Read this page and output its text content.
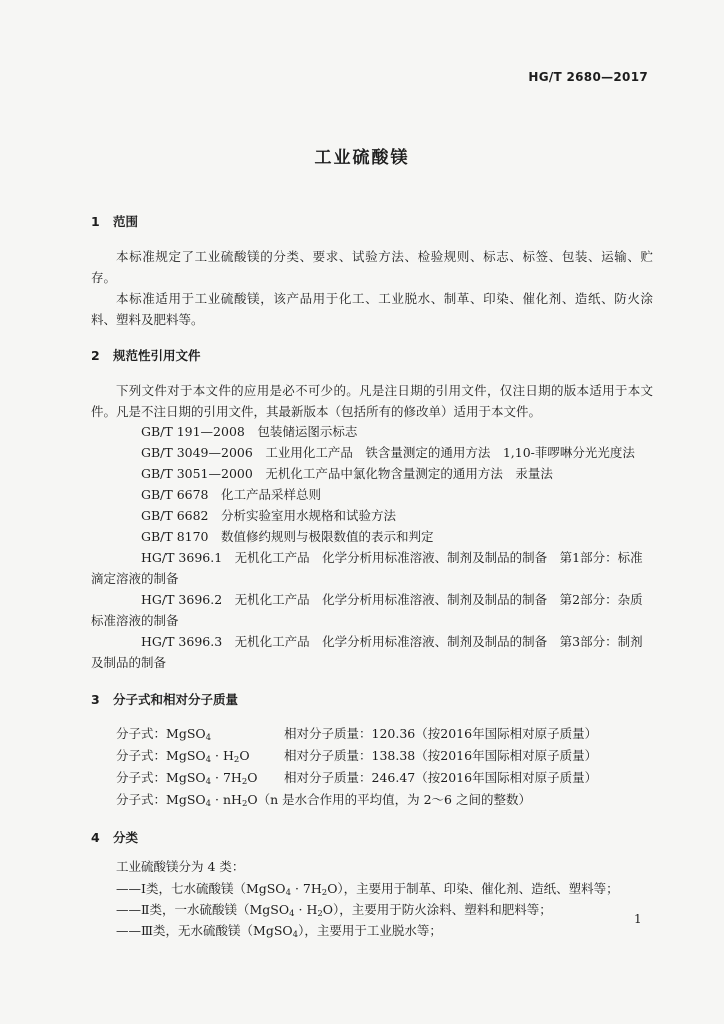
HG/T 2680—2017
工业硫酸镁
1 范围
本标准规定了工业硫酸镁的分类、要求、试验方法、检验规则、标志、标签、包装、运输、贮存。
本标准适用于工业硫酸镁，该产品用于化工、工业脱水、制革、印染、催化剂、造纸、防火涂料、塑料及肥料等。
2 规范性引用文件
下列文件对于本文件的应用是必不可少的。凡是注日期的引用文件，仅注日期的版本适用于本文件。凡是不注日期的引用文件，其最新版本（包括所有的修改单）适用于本文件。
GB/T 191—2008　 包装储运图示标志
GB/T 3049—2006　 工业用化工产品　铁含量测定的通用方法　1,10-菲啰啉分光光度法
GB/T 3051—2000　 无机化工产品中氯化物含量测定的通用方法　汞量法
GB/T 6678　 化工产品采样总则
GB/T 6682　 分析实验室用水规格和试验方法
GB/T 8170　 数值修约规则与极限数值的表示和判定
HG/T 3696.1　 无机化工产品　化学分析用标准溶液、制剂及制品的制备　第1部分：标准滴定溶液的制备
HG/T 3696.2　 无机化工产品　化学分析用标准溶液、制剂及制品的制备　第2部分：杂质标准溶液的制备
HG/T 3696.3　 无机化工产品　化学分析用标准溶液、制剂及制品的制备　第3部分：制剂及制品的制备
3 分子式和相对分子质量
分子式：MgSO$_4$	相对分子质量：120.36（按2016年国际相对原子质量）
分子式：MgSO$_4$ · $H_2O$	相对分子质量：138.38（按2016年国际相对原子质量）
分子式：MgSO$_4$ · $7H_2O$ 相对分子质量：246.47（按2016年国际相对原子质量）
分子式：MgSO$_4$ · $nH_2O(n$ 是水合作用的平均值，为 2～6 之间的整数）
4 分类
工业硫酸镁分为 4 类：
——Ⅰ类，七水硫酸镁（MgSO$_4$ · $7H_2O$），主要用于制革、印染、催化剂、造纸、塑料等；
——Ⅱ类，一水硫酸镁（MgSO$_4$ · $H_2O$），主要用于防火涂料、塑料和肥料等；
——Ⅲ类，无水硫酸镁（MgSO$_4$），主要用于工业脱水等；
1
